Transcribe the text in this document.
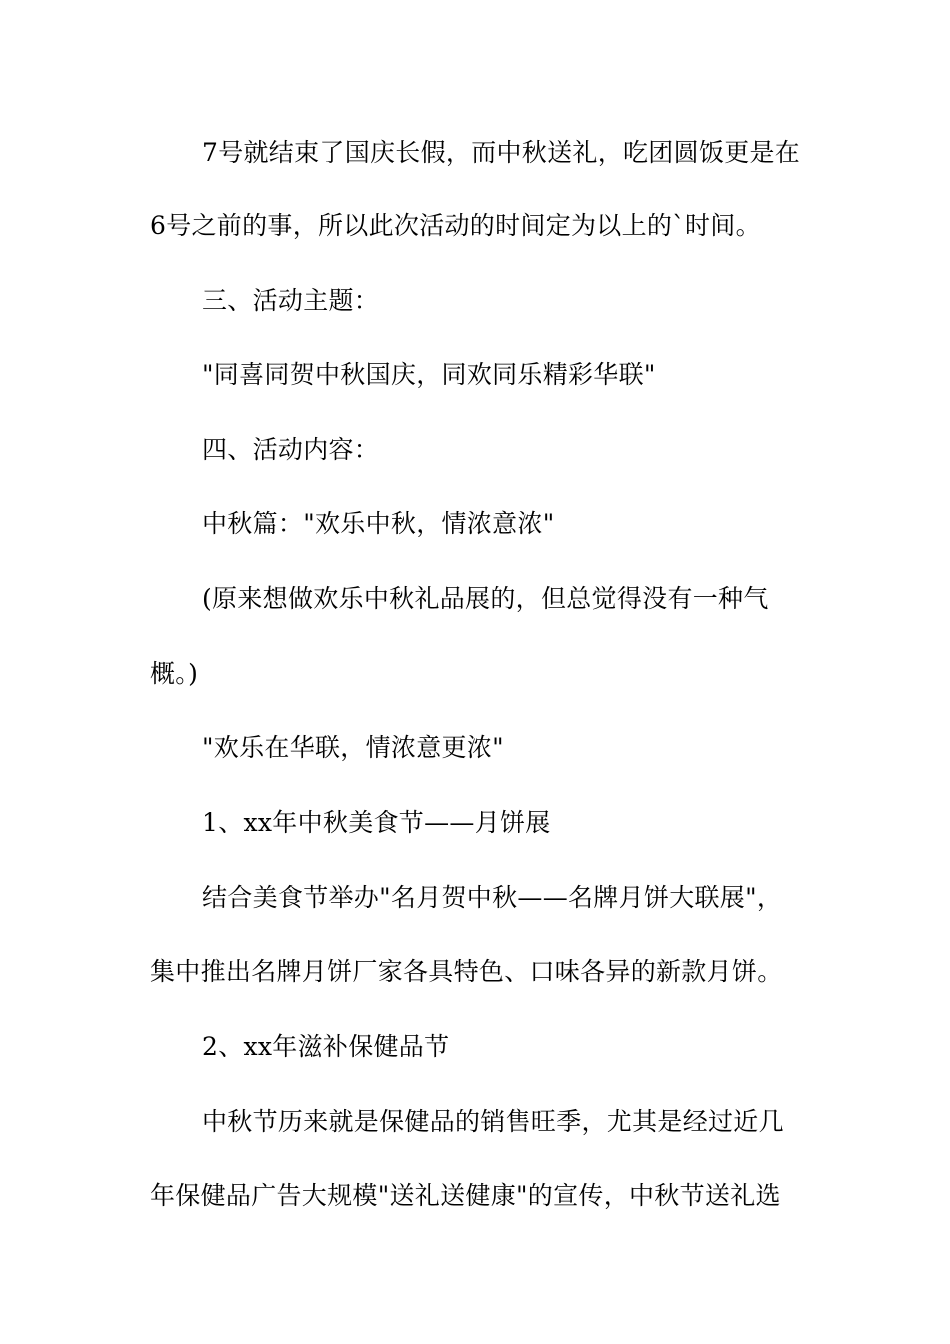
7号就结束了国庆长假，而中秋送礼，吃团圆饭更是在
6号之前的事，所以此次活动的时间定为以上的`时间。
三、活动主题：
"同喜同贺中秋国庆，同欢同乐精彩华联"
四、活动内容：
中秋篇："欢乐中秋，情浓意浓"
(原来想做欢乐中秋礼品展的，但总觉得没有一种气
概。)
"欢乐在华联，情浓意更浓"
1、xx年中秋美食节——月饼展
结合美食节举办"名月贺中秋——名牌月饼大联展"，
集中推出名牌月饼厂家各具特色、口味各异的新款月饼。
2、xx年滋补保健品节
中秋节历来就是保健品的销售旺季，尤其是经过近几
年保健品广告大规模"送礼送健康"的宣传，中秋节送礼选
